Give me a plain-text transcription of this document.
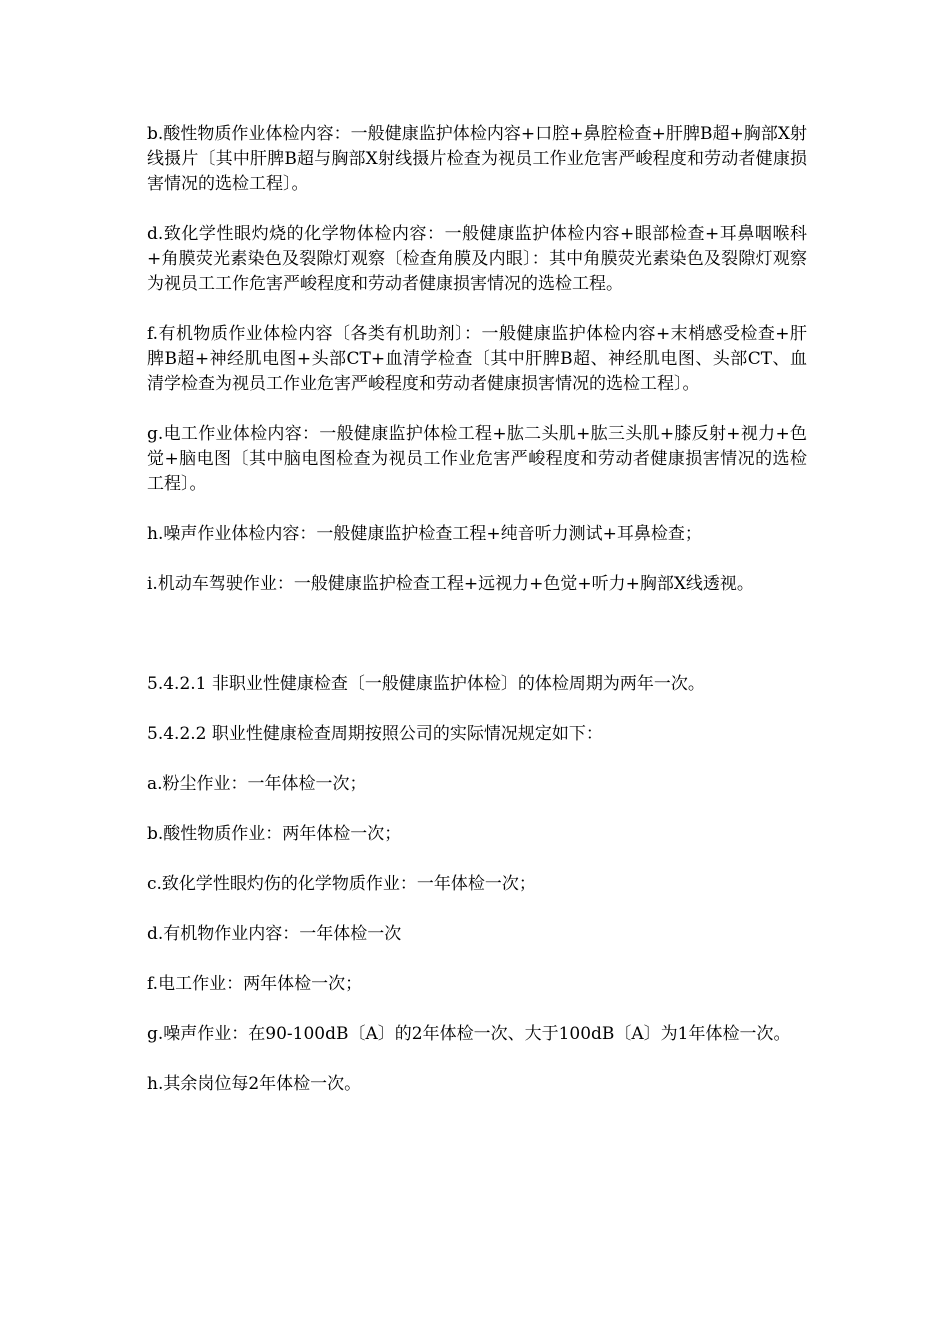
b.酸性物质作业体检内容：一般健康监护体检内容+口腔+鼻腔检查+肝脾B超+胸部X射线摄片〔其中肝脾B超与胸部X射线摄片检查为视员工作业危害严峻程度和劳动者健康损害情况的选检工程〕。

d.致化学性眼灼烧的化学物体检内容：一般健康监护体检内容+眼部检查+耳鼻咽喉科+角膜荧光素染色及裂隙灯观察〔检查角膜及内眼〕：其中角膜荧光素染色及裂隙灯观察为视员工工作危害严峻程度和劳动者健康损害情况的选检工程。

f.有机物质作业体检内容〔各类有机助剂〕：一般健康监护体检内容+末梢感受检查+肝脾B超+神经肌电图+头部CT+血清学检查〔其中肝脾B超、神经肌电图、头部CT、血清学检查为视员工作业危害严峻程度和劳动者健康损害情况的选检工程〕。

g.电工作业体检内容：一般健康监护体检工程+肱二头肌+肱三头肌+膝反射+视力+色觉+脑电图〔其中脑电图检查为视员工作业危害严峻程度和劳动者健康损害情况的选检工程〕。

h.噪声作业体检内容：一般健康监护检查工程+纯音听力测试+耳鼻检查；

i.机动车驾驶作业：一般健康监护检查工程+远视力+色觉+听力+胸部X线透视。

5.4.2.1 非职业性健康检查〔一般健康监护体检〕的体检周期为两年一次。

5.4.2.2 职业性健康检查周期按照公司的实际情况规定如下：

a.粉尘作业：一年体检一次；

b.酸性物质作业：两年体检一次；

c.致化学性眼灼伤的化学物质作业：一年体检一次；

d.有机物作业内容：一年体检一次

f.电工作业：两年体检一次；

g.噪声作业：在90-100dB〔A〕的2年体检一次、大于100dB〔A〕为1年体检一次。

h.其余岗位每2年体检一次。
